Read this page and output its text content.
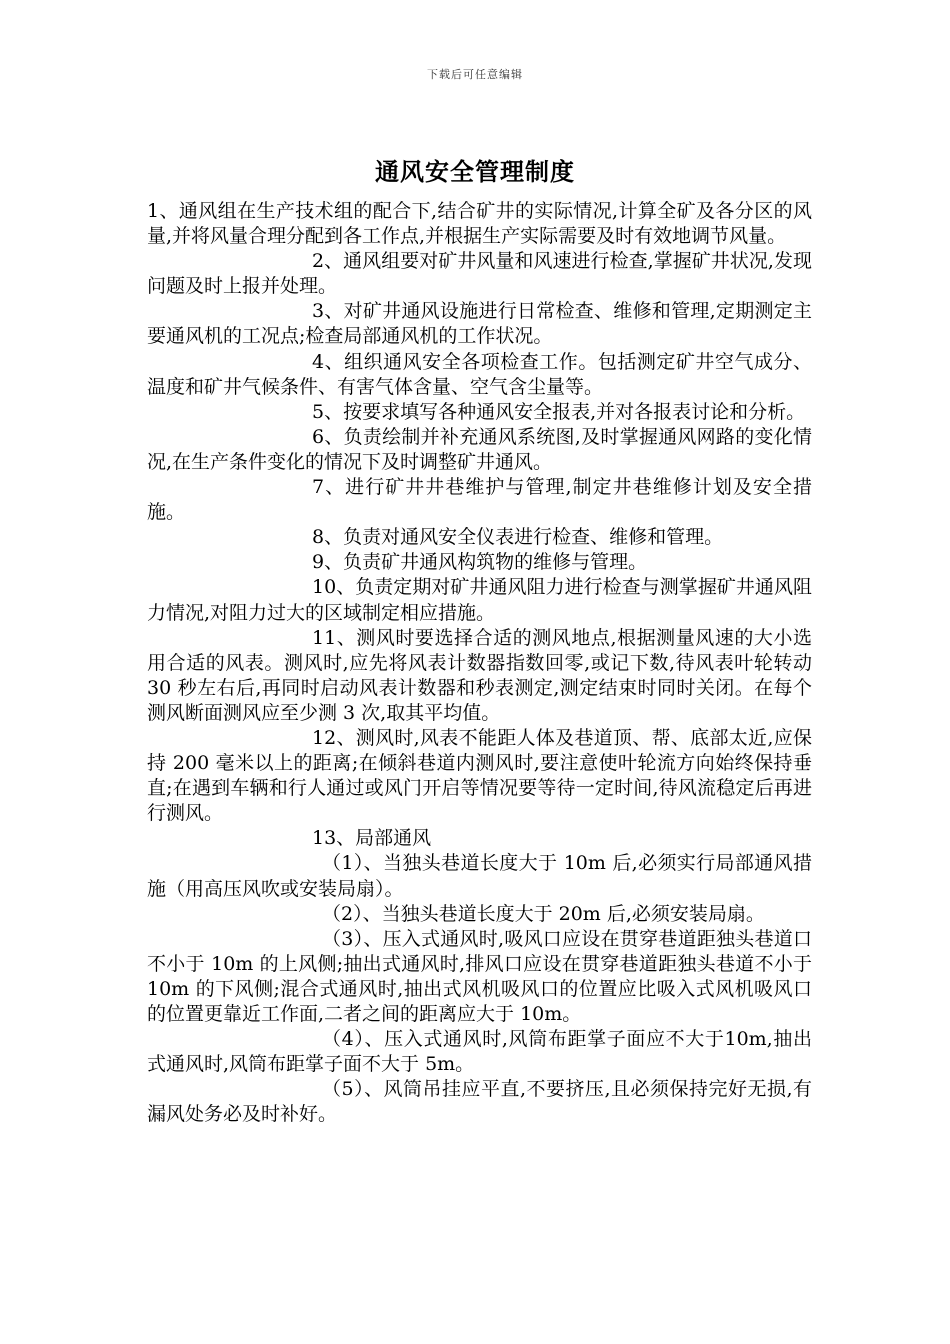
下载后可任意编辑
通风安全管理制度

1、通风组在生产技术组的配合下,结合矿井的实际情况,计算全矿及各分区的风量,并将风量合理分配到各工作点,并根据生产实际需要及时有效地调节风量。

2、通风组要对矿井风量和风速进行检查,掌握矿井状况,发现问题及时上报并处理。

3、对矿井通风设施进行日常检查、维修和管理,定期测定主要通风机的工况点;检查局部通风机的工作状况。

4、组织通风安全各项检查工作。包括测定矿井空气成分、温度和矿井气候条件、有害气体含量、空气含尘量等。

5、按要求填写各种通风安全报表,并对各报表讨论和分析。

6、负责绘制并补充通风系统图,及时掌握通风网路的变化情况,在生产条件变化的情况下及时调整矿井通风。

7、进行矿井井巷维护与管理,制定井巷维修计划及安全措施。

8、负责对通风安全仪表进行检查、维修和管理。

9、负责矿井通风构筑物的维修与管理。

10、负责定期对矿井通风阻力进行检查与测掌握矿井通风阻力情况,对阻力过大的区域制定相应措施。

11、测风时要选择合适的测风地点,根据测量风速的大小选用合适的风表。测风时,应先将风表计数器指数回零,或记下数,待风表叶轮转动 30 秒左右后,再同时启动风表计数器和秒表测定,测定结束时同时关闭。在每个测风断面测风应至少测 3 次,取其平均值。

12、测风时,风表不能距人体及巷道顶、帮、底部太近,应保持 200 毫米以上的距离;在倾斜巷道内测风时,要注意使叶轮流方向始终保持垂直;在遇到车辆和行人通过或风门开启等情况要等待一定时间,待风流稳定后再进行测风。

13、局部通风

（1）、当独头巷道长度大于 10m 后,必须实行局部通风措施（用高压风吹或安装局扇）。

（2）、当独头巷道长度大于 20m 后,必须安装局扇。

（3）、压入式通风时,吸风口应设在贯穿巷道距独头巷道口不小于 10m 的上风侧;抽出式通风时,排风口应设在贯穿巷道距独头巷道不小于 10m 的下风侧;混合式通风时,抽出式风机吸风口的位置应比吸入式风机吸风口的位置更靠近工作面,二者之间的距离应大于 10m。

（4）、压入式通风时,风筒布距掌子面应不大于10m,抽出式通风时,风筒布距掌子面不大于 5m。

（5）、风筒吊挂应平直,不要挤压,且必须保持完好无损,有漏风处务必及时补好。
